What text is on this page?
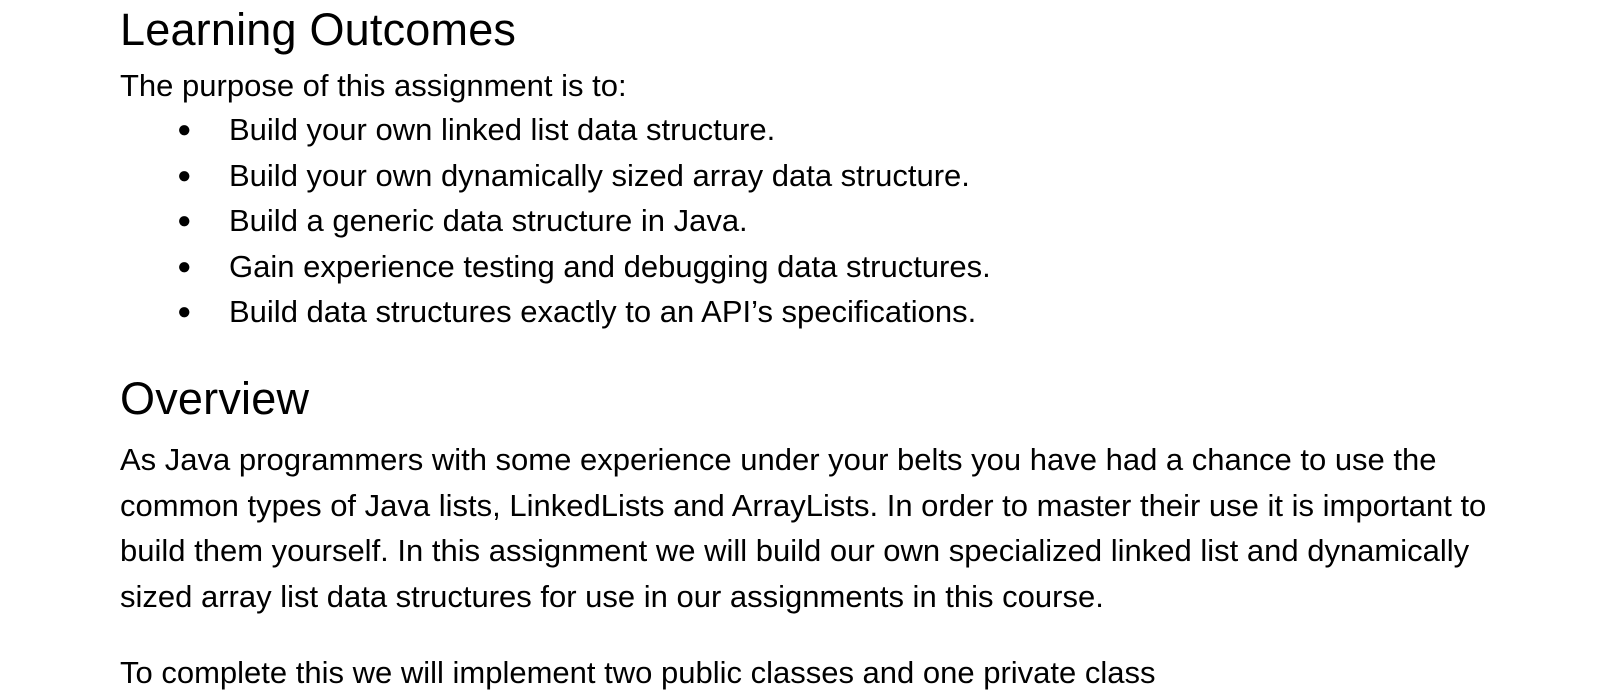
Learning Outcomes

The purpose of this assignment is to:

● Build your own linked list data structure.
● Build your own dynamically sized array data structure.
● Build a generic data structure in Java.
● Gain experience testing and debugging data structures.
● Build data structures exactly to an API’s specifications.
Overview

As Java programmers with some experience under your belts you have had a chance to use the common types of Java lists, LinkedLists and ArrayLists. In order to master their use it is important to build them yourself. In this assignment we will build our own specialized linked list and dynamically sized array list data structures for use in our assignments in this course.

To complete this we will implement two public classes and one private class
